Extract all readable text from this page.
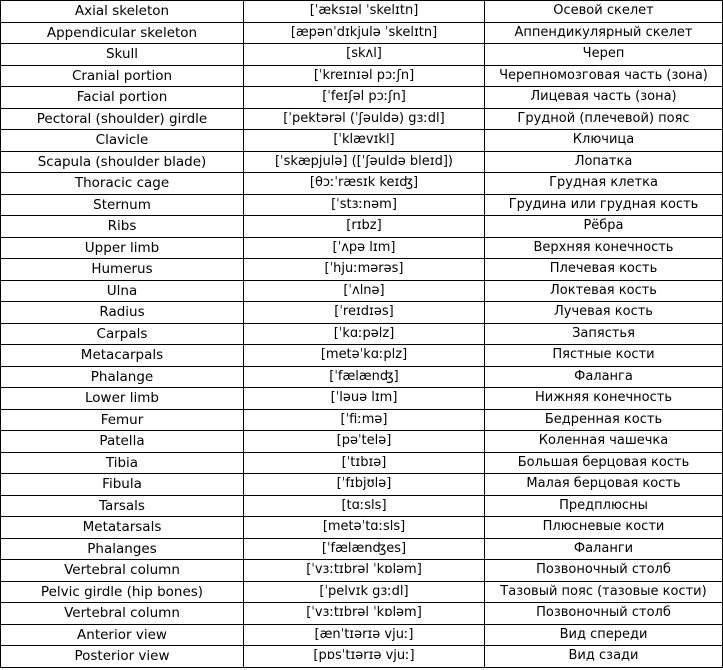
Axial skeleton	[ˈæksɪəl ˈskelɪtn]	Осевой скелет
Appendicular skeleton	[æpənˈdɪkjulə ˈskelɪtn]	Аппендикулярный скелет
Skull	[skʌl]	Череп
Cranial portion	[ˈkreɪnɪəl pɔːʃn]	Черепномозговая часть (зона)
Facial portion	[ˈfeɪʃəl pɔːʃn]	Лицевая часть (зона)
Pectoral (shoulder) girdle	[ˈpektərəl (ˈʃəuldə) gɜːdl]	Грудной (плечевой) пояс
Clavicle	[ˈklævɪkl]	Ключица
Scapula (shoulder blade)	[ˈskæpjulə] ([ˈʃəuldə bleɪd])	Лопатка
Thoracic cage	[θɔːˈræsɪk keɪʤ]	Грудная клетка
Sternum	[ˈstɜːnəm]	Грудина или грудная кость
Ribs	[rɪbz]	Рёбра
Upper limb	[ˈʌpə lɪm]	Верхняя конечность
Humerus	[ˈhjuːmərəs]	Плечевая кость
Ulna	[ˈʌlnə]	Локтевая кость
Radius	[ˈreɪdɪəs]	Лучевая кость
Carpals	[ˈkɑːpəlz]	Запястья
Metacarpals	[metəˈkɑːplz]	Пястные кости
Phalange	[ˈfælænʤ]	Фаланга
Lower limb	[ˈləuə lɪm]	Нижняя конечность
Femur	[ˈfiːmə]	Бедренная кость
Patella	[pəˈtelə]	Коленная чашечка
Tibia	[ˈtɪbɪə]	Большая берцовая кость
Fibula	[ˈfɪbjʊlə]	Малая берцовая кость
Tarsals	[tɑːsls]	Предплюсны
Metatarsals	[metəˈtɑːsls]	Плюсневые кости
Phalanges	[ˈfælænʤes]	Фаланги
Vertebral column	[ˈvɜːtɪbrəl ˈkɒləm]	Позвоночный столб
Pelvic girdle (hip bones)	[ˈpelvɪk gɜːdl]	Тазовый пояс (тазовые кости)
Vertebral column	[ˈvɜːtɪbrəl ˈkɒləm]	Позвоночный столб
Anterior view	[ænˈtɪərɪə vjuː]	Вид спереди
Posterior view	[pɒsˈtɪərɪə vjuː]	Вид сзади
